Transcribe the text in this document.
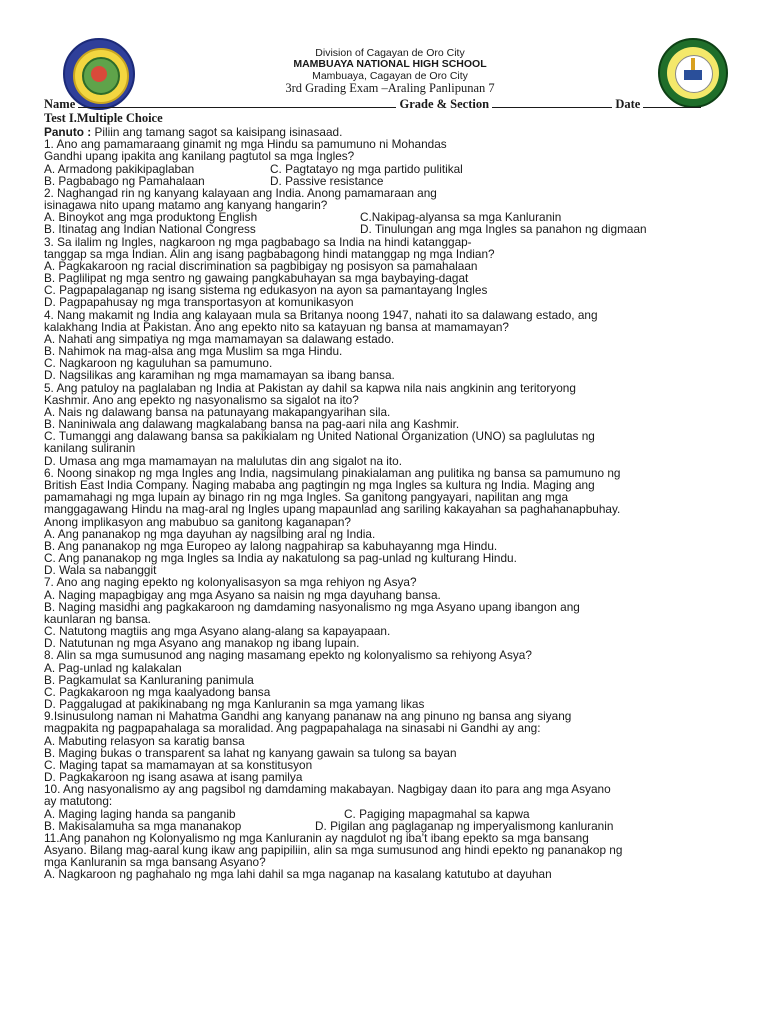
Division of Cagayan de Oro City
MAMBUAYA NATIONAL HIGH SCHOOL
Mambuaya, Cagayan de Oro City
3rd Grading Exam –Araling Panlipunan 7
Name	Grade & Section	Date
Test I.Multiple Choice
Panuto : Piliin ang tamang sagot sa kaisipang isinasaad.
1. Ano ang pamamaraang ginamit ng mga Hindu sa pamumuno ni Mohandas
Gandhi upang ipakita ang kanilang pagtutol sa mga Ingles?
A. Armadong pakikipaglaban	C. Pagtatayo ng mga partido pulitikal
B. Pagbabago ng Pamahalaan	D. Passive resistance
2. Naghangad rin ng kanyang kalayaan ang India. Anong pamamaraan ang
isinagawa nito upang matamo ang kanyang hangarin?
A. Binoykot ang mga produktong English	C.Nakipag-alyansa sa mga Kanluranin
B. Itinatag ang Indian National Congress	D. Tinulungan ang mga Ingles sa panahon ng digmaan
3. Sa ilalim ng Ingles, nagkaroon ng mga pagbabago sa India na hindi katanggap-
tanggap sa mga Indian. Alin ang isang pagbabagong hindi matanggap ng mga Indian?
A. Pagkakaroon ng racial discrimination sa pagbibigay ng posisyon sa pamahalaan
B. Paglilipat ng mga sentro ng gawaing pangkabuhayan sa mga baybaying-dagat
C. Pagpapalaganap ng isang sistema ng edukasyon na ayon sa pamantayang Ingles
D. Pagpapahusay ng mga transportasyon at komunikasyon
4. Nang makamit ng India ang kalayaan mula sa Britanya noong 1947, nahati ito sa dalawang estado, ang
kalakhang India at Pakistan. Ano ang epekto nito sa katayuan ng bansa at mamamayan?
A. Nahati ang simpatiya ng mga mamamayan sa dalawang estado.
B. Nahimok na mag-alsa ang mga Muslim sa mga Hindu.
C. Nagkaroon ng kaguluhan sa pamumuno.
D. Nagsilikas ang karamihan ng mga mamamayan sa ibang bansa.
5. Ang patuloy na paglalaban ng India at Pakistan ay dahil sa kapwa nila nais angkinin ang teritoryong
Kashmir. Ano ang epekto ng nasyonalismo sa sigalot na ito?
A. Nais ng dalawang bansa na patunayang makapangyarihan sila.
B. Naniniwala ang dalawang magkalabang bansa na pag-aari nila ang Kashmir.
C. Tumanggi ang dalawang bansa sa pakikialam ng United National Organization (UNO) sa paglulutas ng
kanilang suliranin
D. Umasa ang mga mamamayan na malulutas din ang sigalot na ito.
6. Noong sinakop ng mga Ingles ang India, nagsimulang pinakialaman ang pulitika ng bansa sa pamumuno ng
British East India Company. Naging mababa ang pagtingin ng mga Ingles sa kultura ng India. Maging ang
pamamahagi ng mga lupain ay binago rin ng mga Ingles. Sa ganitong pangyayari, napilitan ang mga
manggagawang Hindu na mag-aral ng Ingles upang mapaunlad ang sariling kakayahan sa paghahanapbuhay.
Anong implikasyon ang mabubuo sa ganitong kaganapan?
A. Ang pananakop ng mga dayuhan ay nagsilbing aral ng India.
B. Ang pananakop ng mga Europeo ay lalong nagpahirap sa kabuhayanng mga Hindu.
C. Ang pananakop ng mga Ingles sa India ay nakatulong sa pag-unlad ng kulturang Hindu.
D. Wala sa nabanggit
7. Ano ang naging epekto ng kolonyalisasyon sa mga rehiyon ng Asya?
A. Naging mapagbigay ang mga Asyano sa naisin ng mga dayuhang bansa.
B. Naging masidhi ang pagkakaroon ng damdaming nasyonalismo ng mga Asyano upang ibangon ang
kaunlaran ng bansa.
C. Natutong magtiis ang mga Asyano alang-alang sa kapayapaan.
D. Natutunan ng mga Asyano ang manakop ng ibang lupain.
8. Alin sa mga sumusunod ang naging masamang epekto ng kolonyalismo sa rehiyong Asya?
A. Pag-unlad ng kalakalan
B. Pagkamulat sa Kanluraning panimula
C. Pagkakaroon ng mga kaalyadong bansa
D. Paggalugad at pakikinabang ng mga Kanluranin sa mga yamang likas
9.Isinusulong naman ni Mahatma Gandhi ang kanyang pananaw na ang pinuno ng bansa ang siyang
magpakita ng pagpapahalaga sa moralidad. Ang pagpapahalaga na sinasabi ni Gandhi ay ang:
A. Mabuting relasyon sa karatig bansa
B. Maging bukas o transparent sa lahat ng kanyang gawain sa tulong sa bayan
C. Maging tapat sa mamamayan at sa konstitusyon
D. Pagkakaroon ng isang asawa at isang pamilya
10. Ang nasyonalismo ay ang pagsibol ng damdaming makabayan. Nagbigay daan ito para ang mga Asyano
ay matutong:
A. Maging laging handa sa panganib	C. Pagiging mapagmahal sa kapwa
B. Makisalamuha sa mga mananakop	D. Pigilan ang paglaganap ng imperyalismong kanluranin
11.Ang panahon ng Kolonyalismo ng mga Kanluranin ay nagdulot ng iba’t ibang epekto sa mga bansang
Asyano. Bilang mag-aaral kung ikaw ang papipiliin, alin sa mga sumusunod ang hindi epekto ng pananakop ng
mga Kanluranin sa mga bansang Asyano?
A. Nagkaroon ng paghahalo ng mga lahi dahil sa mga naganap na kasalang katutubo at dayuhan
